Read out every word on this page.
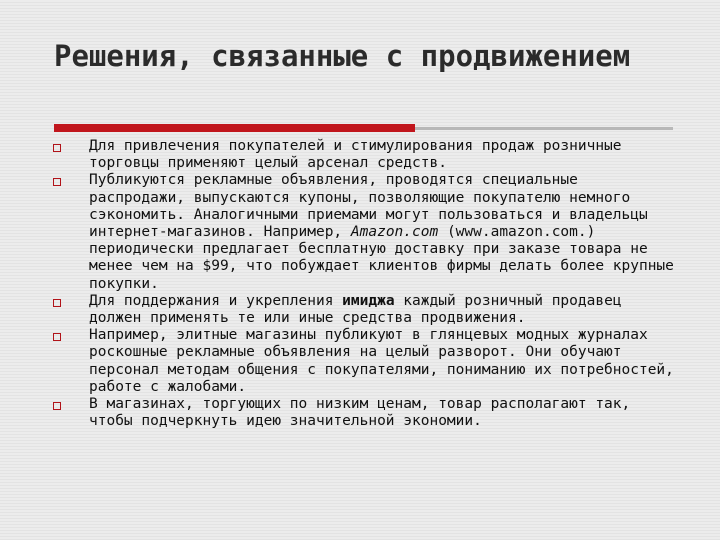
Решения, связанные с продвижением
Для привлечения покупателей и стимулирования продаж розничные торговцы применяют целый арсенал средств.
Публикуются рекламные объявления, проводятся специальные распродажи, выпускаются купоны, позволяющие покупателю немного сэкономить. Аналогичными приемами могут пользоваться и владельцы интернет-магазинов. Например, Amazon.com (www.amazon.com.) периодически предлагает бесплатную доставку при заказе товара не менее чем на $99, что побуждает клиентов фирмы делать более крупные покупки.
Для поддержания и укрепления имиджа каждый розничный продавец должен применять те или иные средства продвижения.
Например, элитные магазины публикуют в глянцевых модных журналах роскошные рекламные объявления на целый разворот. Они обучают персонал методам общения с покупателями, пониманию их потребностей, работе с жалобами.
В магазинах, торгующих по низким ценам, товар располагают так, чтобы подчеркнуть идею значительной экономии.
